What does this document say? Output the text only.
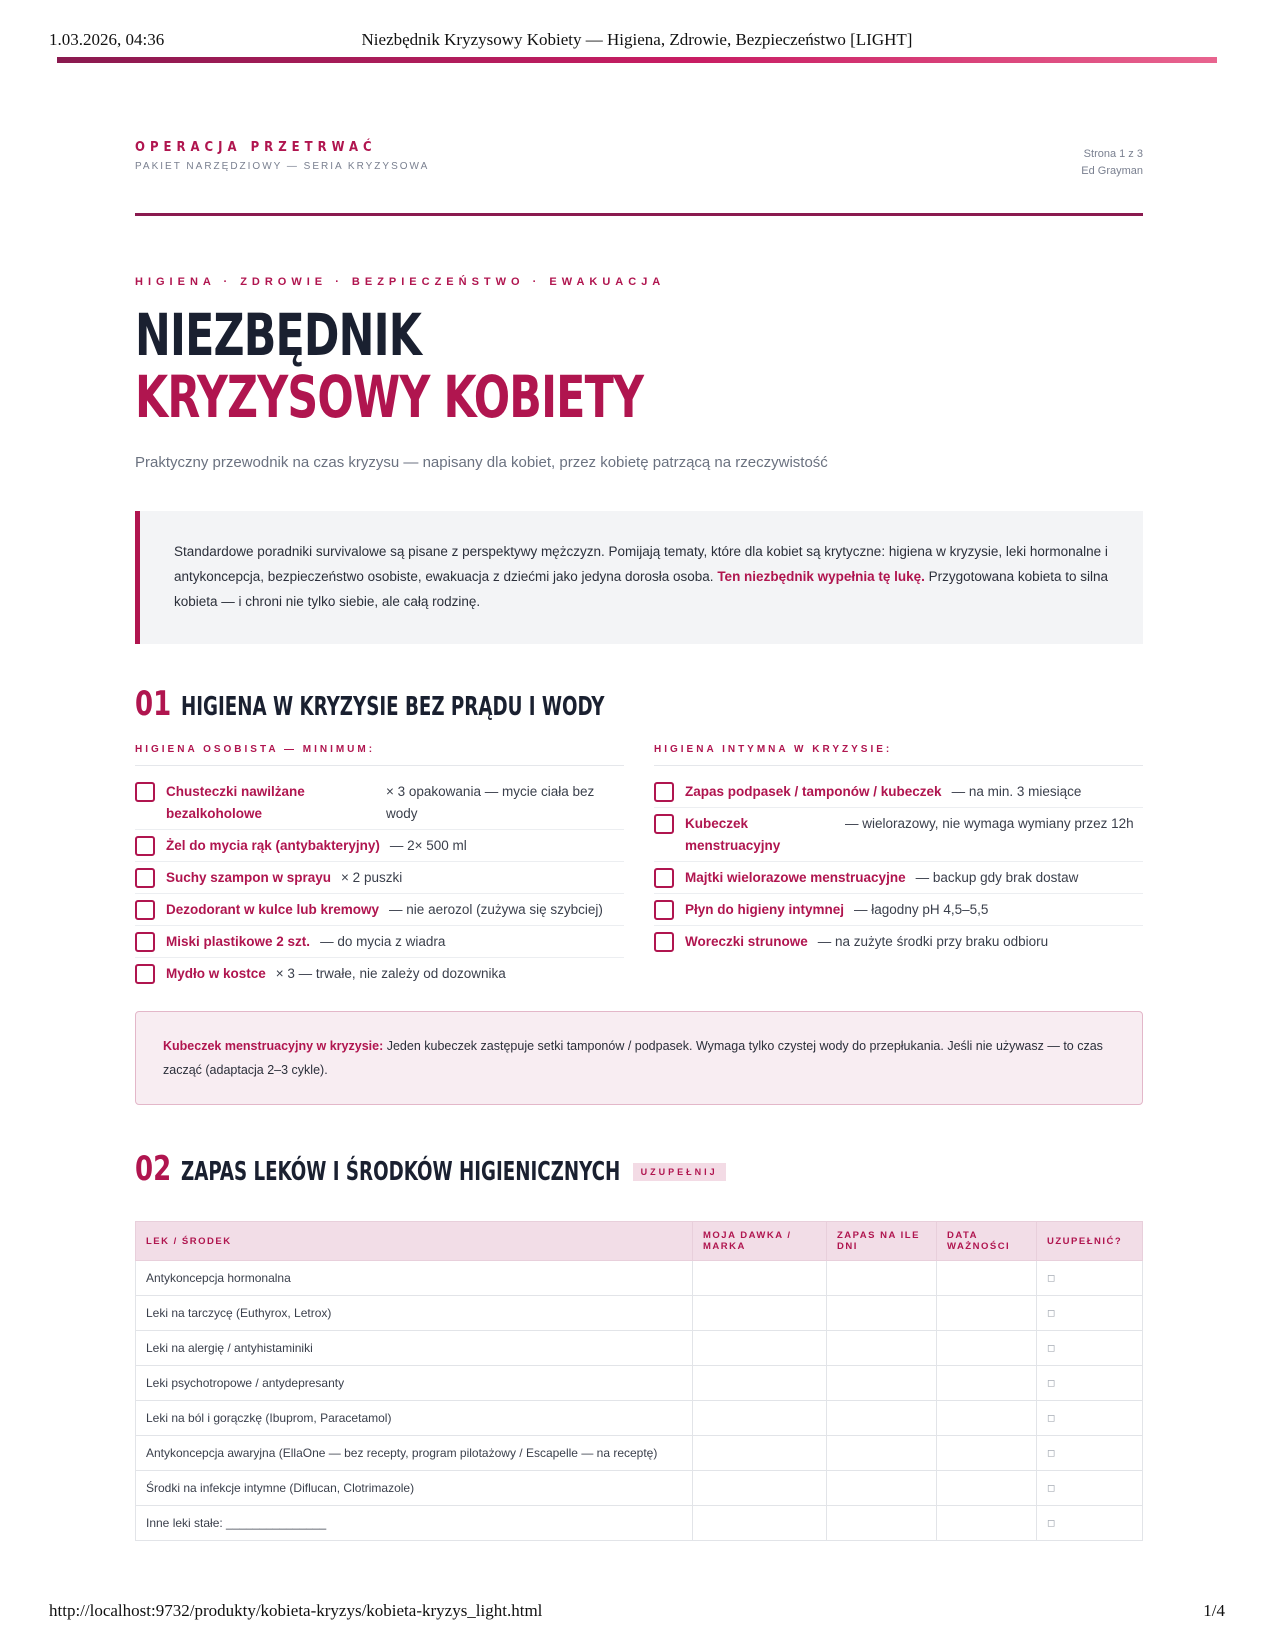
1.03.2026, 04:36	Niezbędnik Kryzysowy Kobiety — Higiena, Zdrowie, Bezpieczeństwo [LIGHT]
OPERACJA PRZETRWAĆ
PAKIET NARZĘDZIOWY — SERIA KRYZYSOWA
Strona 1 z 3
Ed Grayman
HIGIENA · ZDROWIE · BEZPIECZEŃSTWO · EWAKUACJA
NIEZBĘDNIK
KRYZYSOWY KOBIETY
Praktyczny przewodnik na czas kryzysu — napisany dla kobiet, przez kobietę patrzącą na rzeczywistość
Standardowe poradniki survivalowe są pisane z perspektywy mężczyzn. Pomijają tematy, które dla kobiet są krytyczne: higiena w kryzysie, leki hormonalne i antykoncepcja, bezpieczeństwo osobiste, ewakuacja z dziećmi jako jedyna dorosła osoba. Ten niezbędnik wypełnia tę lukę. Przygotowana kobieta to silna kobieta — i chroni nie tylko siebie, ale całą rodzinę.
01 HIGIENA W KRYZYSIE BEZ PRĄDU I WODY
HIGIENA OSOBISTA — MINIMUM:
Chusteczki nawilżane bezalkoholowe
× 3 opakowania — mycie ciała bez wody
Żel do mycia rąk (antybakteryjny) — 2× 500 ml
Suchy szampon w sprayu × 2 puszki
Dezodorant w kulce lub kremowy — nie aerozol (zużywa się szybciej)
Miski plastikowe 2 szt. — do mycia z wiadra
Mydło w kostce × 3 — trwałe, nie zależy od dozownika
HIGIENA INTYMNA W KRYZYSIE:
Zapas podpasek / tamponów / kubeczek — na min. 3 miesiące
Kubeczek menstruacyjny
— wielorazowy, nie wymaga wymiany przez 12h
Majtki wielorazowe menstruacyjne — backup gdy brak dostaw
Płyn do higieny intymnej — łagodny pH 4,5–5,5
Woreczki strunowe — na zużyte środki przy braku odbioru
Kubeczek menstruacyjny w kryzysie: Jeden kubeczek zastępuje setki tamponów / podpasek. Wymaga tylko czystej wody do przepłukania. Jeśli nie używasz — to czas zacząć (adaptacja 2–3 cykle).
02 ZAPAS LEKÓW I ŚRODKÓW HIGIENICZNYCH	UZUPEŁNIJ
LEK / ŚRODEK	MOJA DAWKA / MARKA	ZAPAS NA ILE DNI	DATA WAŻNOŚCI	UZUPEŁNIĆ?
Antykoncepcja hormonalna				◻
Leki na tarczycę (Euthyrox, Letrox)				◻
Leki na alergię / antyhistaminiki				◻
Leki psychotropowe / antydepresanty				◻
Leki na ból i gorączkę (Ibuprom, Paracetamol)				◻
Antykoncepcja awaryjna (EllaOne — bez recepty, program pilotażowy / Escapelle — na receptę)				◻
Środki na infekcje intymne (Diflucan, Clotrimazole)				◻
Inne leki stałe: _______________				◻
http://localhost:9732/produkty/kobieta-kryzys/kobieta-kryzys_light.html	1/4
